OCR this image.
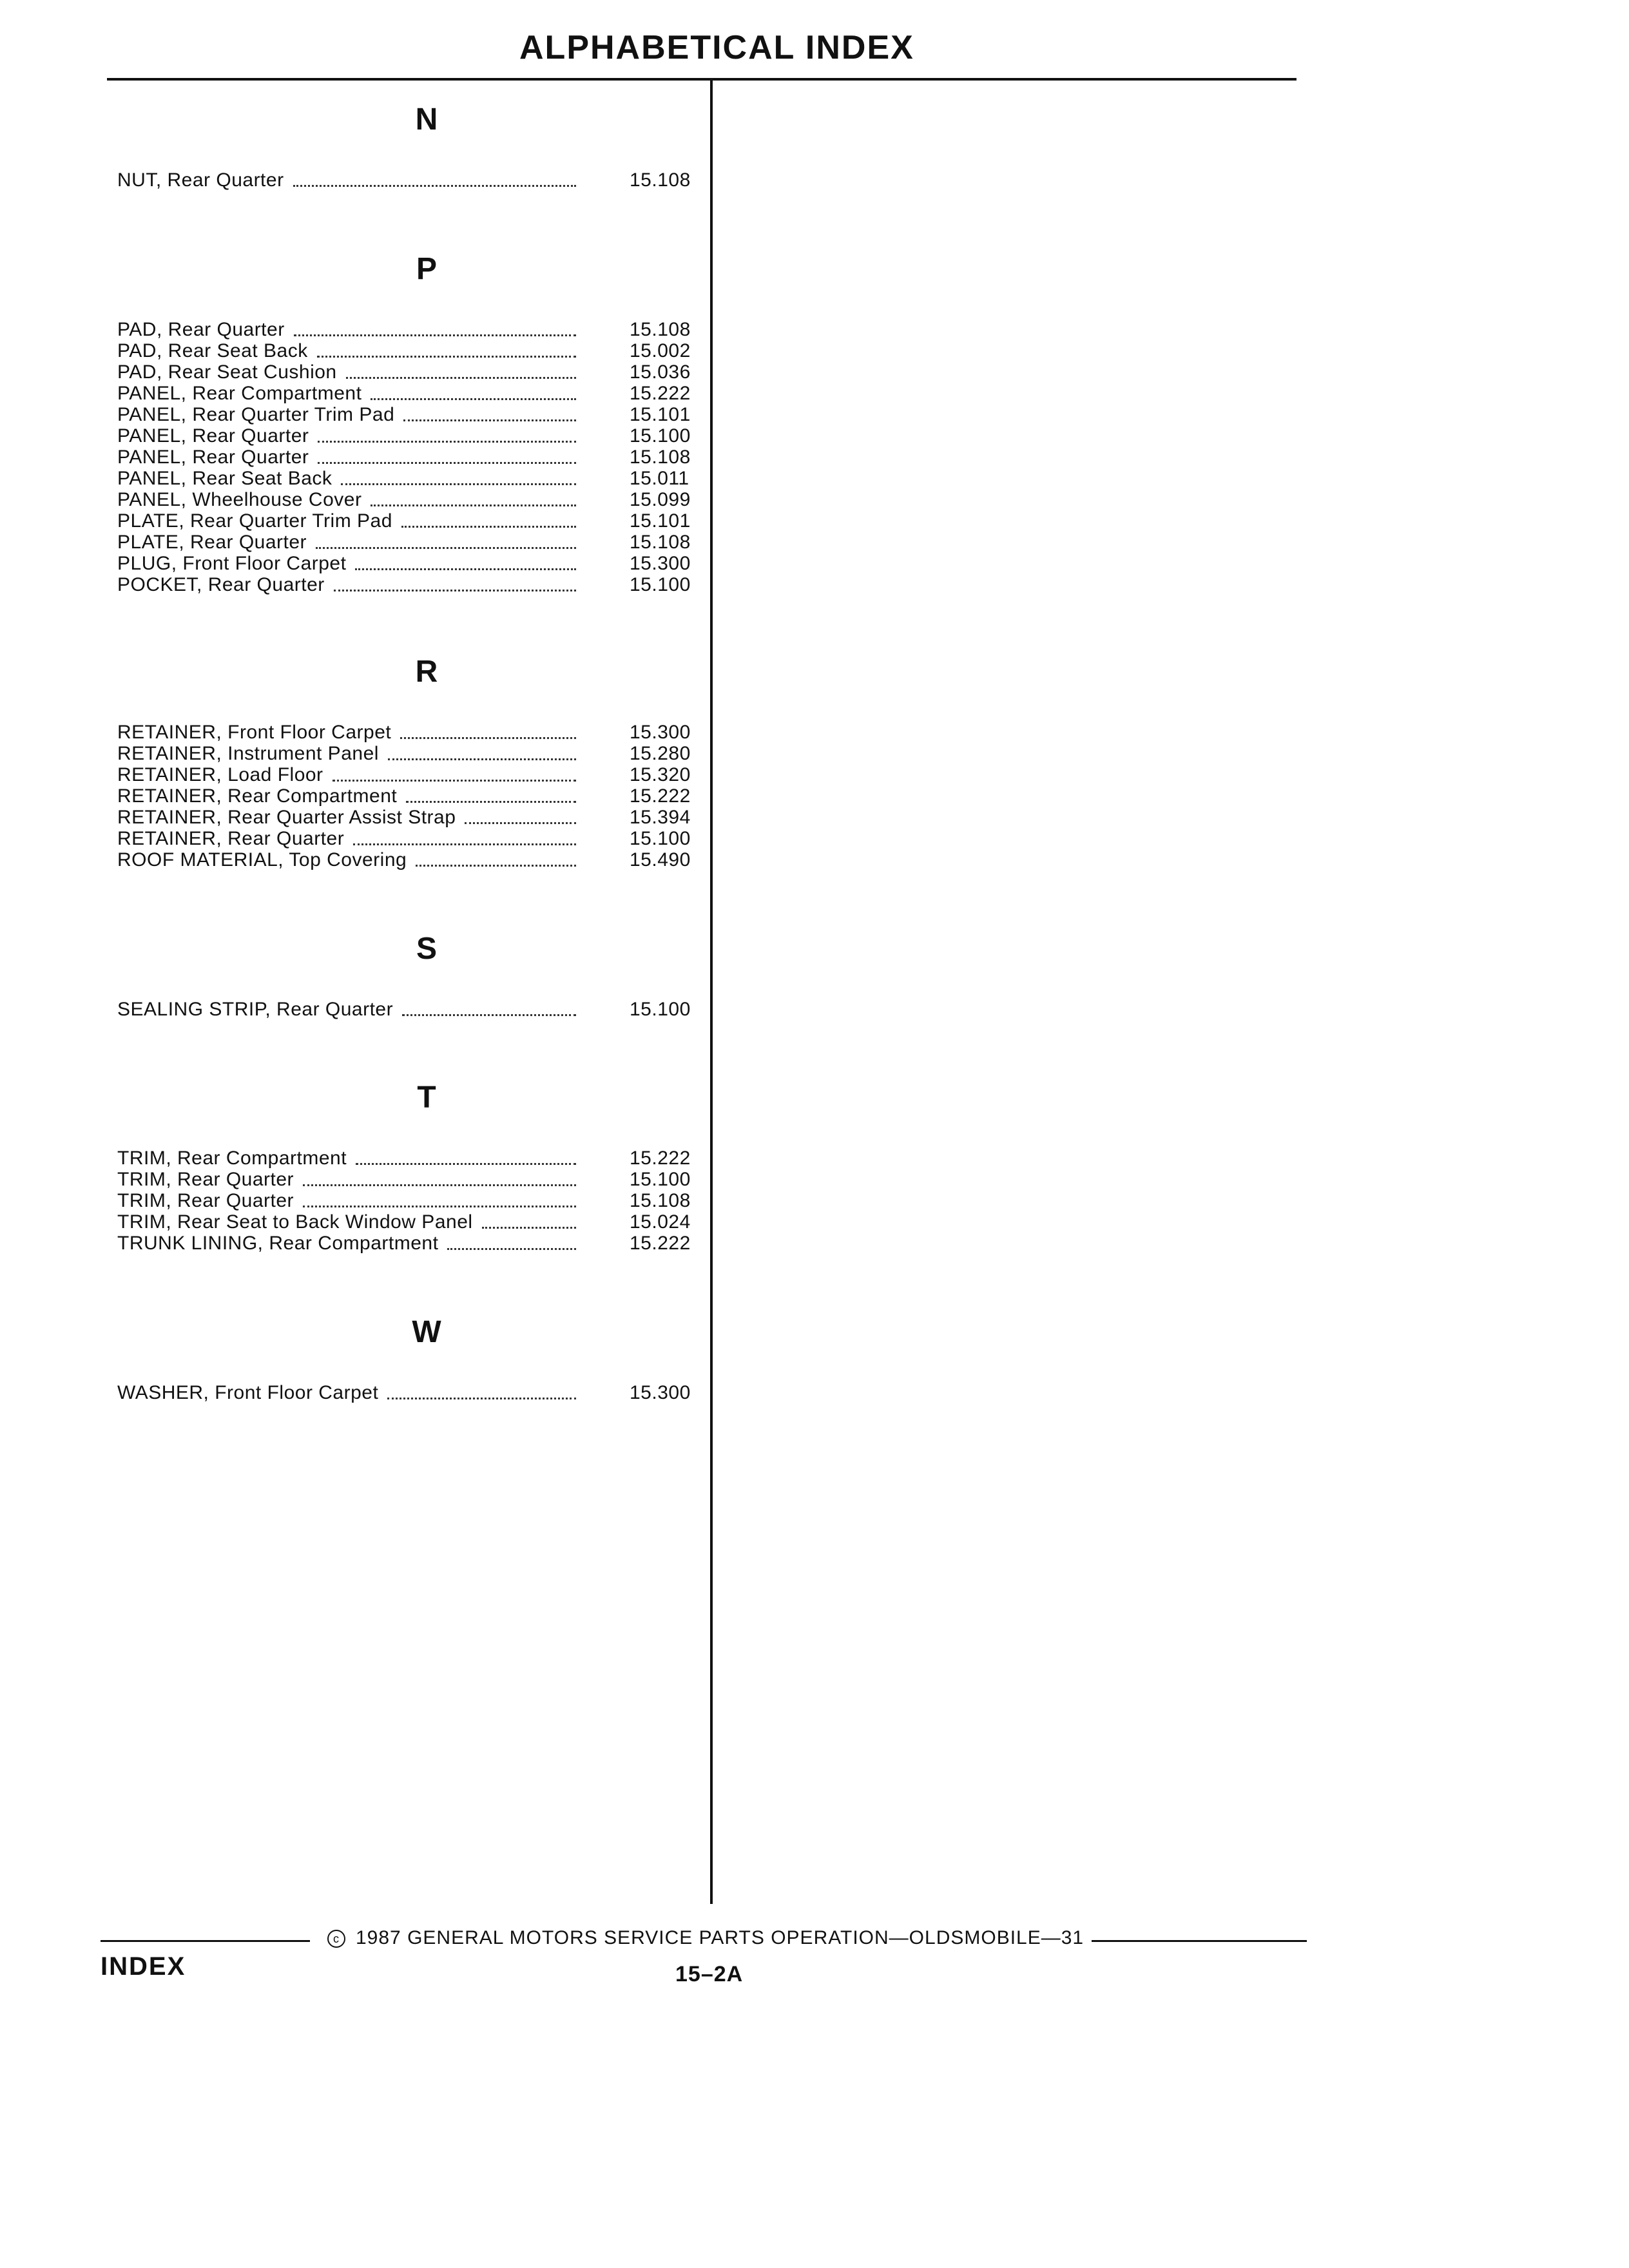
ALPHABETICAL INDEX
N
NUT, Rear Quarter	15.108
P
PAD, Rear Quarter	15.108
PAD, Rear Seat Back	15.002
PAD, Rear Seat Cushion	15.036
PANEL, Rear Compartment	15.222
PANEL, Rear Quarter Trim Pad	15.101
PANEL, Rear Quarter	15.100
PANEL, Rear Quarter	15.108
PANEL, Rear Seat Back	15.011
PANEL, Wheelhouse Cover	15.099
PLATE, Rear Quarter Trim Pad	15.101
PLATE, Rear Quarter	15.108
PLUG, Front Floor Carpet	15.300
POCKET, Rear Quarter	15.100
R
RETAINER, Front Floor Carpet	15.300
RETAINER, Instrument Panel	15.280
RETAINER, Load Floor	15.320
RETAINER, Rear Compartment	15.222
RETAINER, Rear Quarter Assist Strap	15.394
RETAINER, Rear Quarter	15.100
ROOF MATERIAL, Top Covering	15.490
S
SEALING STRIP, Rear Quarter	15.100
T
TRIM, Rear Compartment	15.222
TRIM, Rear Quarter	15.100
TRIM, Rear Quarter	15.108
TRIM, Rear Seat to Back Window Panel	15.024
TRUNK LINING, Rear Compartment	15.222
W
WASHER, Front Floor Carpet	15.300
c 1987 GENERAL MOTORS SERVICE PARTS OPERATION—OLDSMOBILE—31
INDEX	15–2A
